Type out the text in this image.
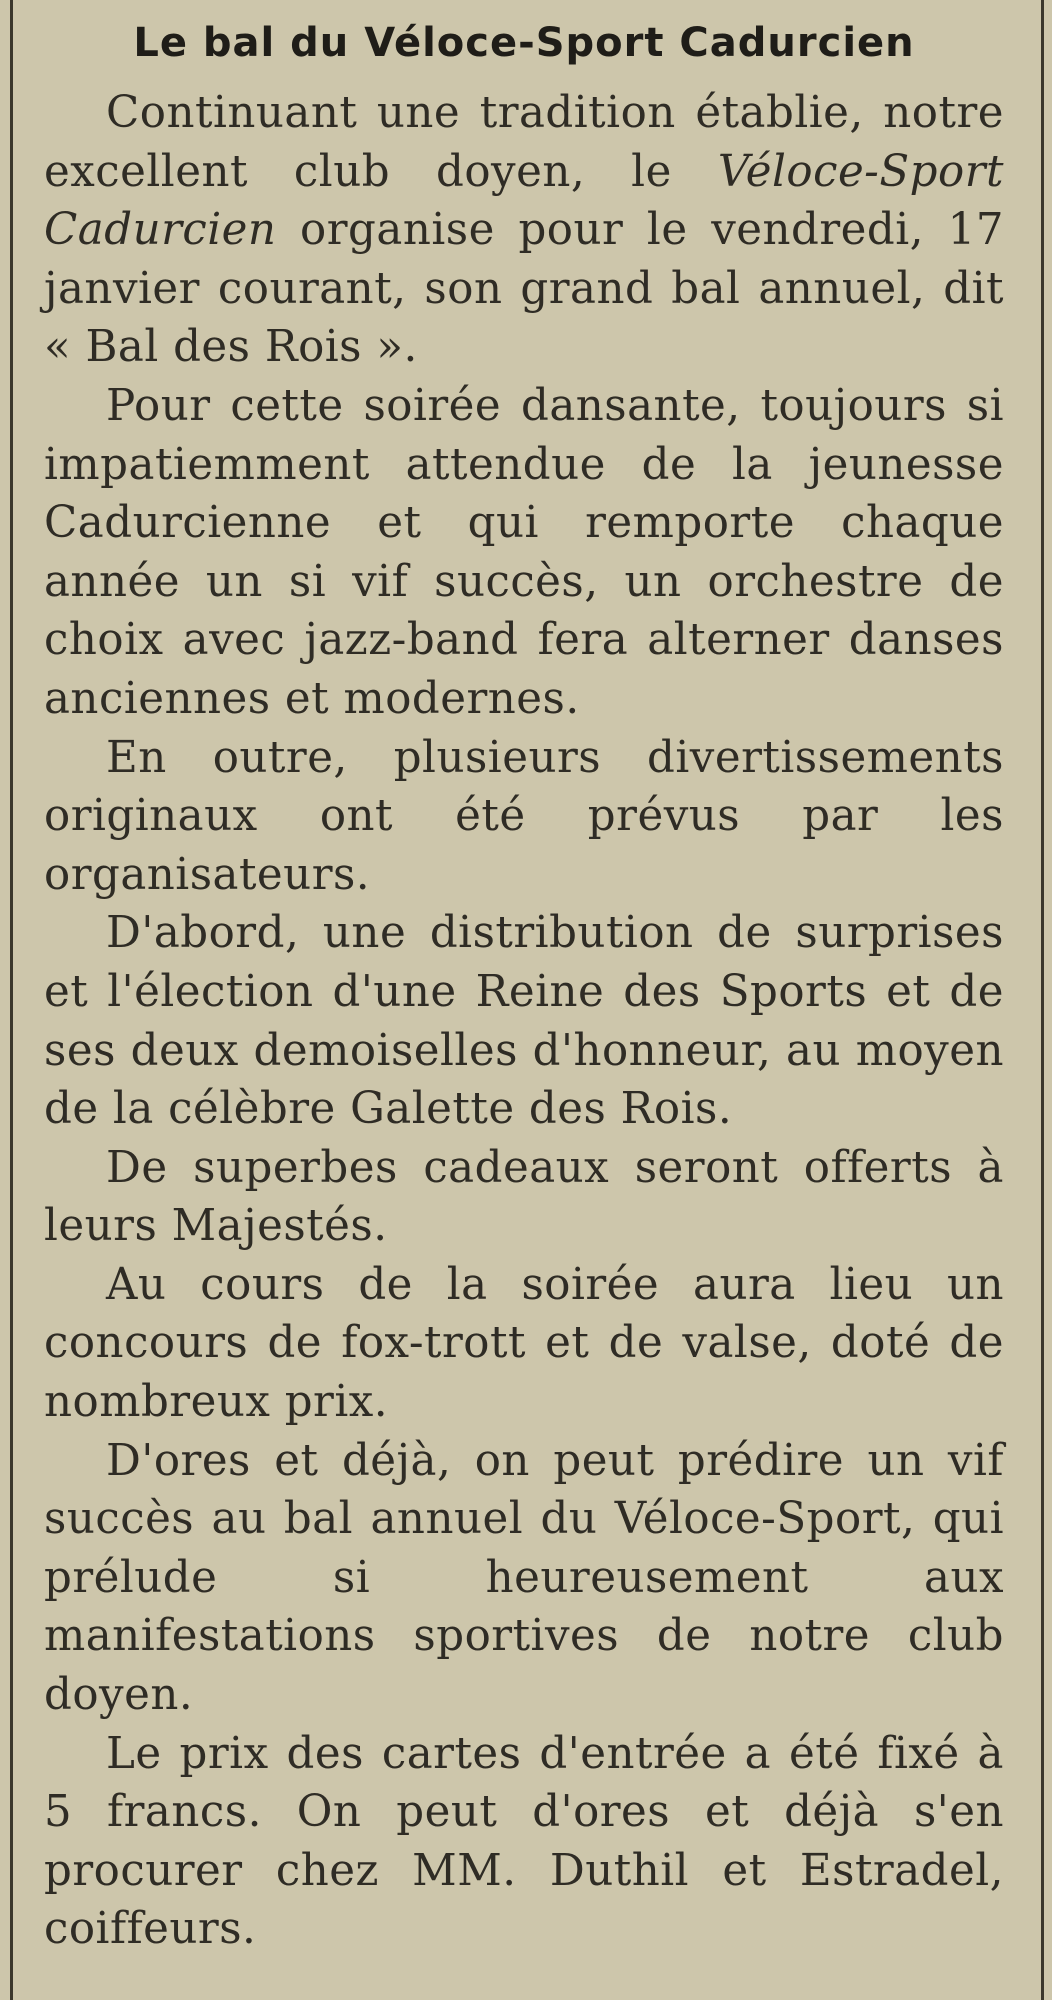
Le bal du Véloce-Sport Cadurcien

Continuant une tradition établie, notre excellent club doyen, le Véloce-Sport Cadurcien organise pour le vendredi, 17 janvier courant, son grand bal annuel, dit « Bal des Rois ».

Pour cette soirée dansante, toujours si impatiemment attendue de la jeunesse Cadurcienne et qui remporte chaque année un si vif succès, un orchestre de choix avec jazz-band fera alterner danses anciennes et modernes.

En outre, plusieurs divertissements originaux ont été prévus par les organisateurs.

D'abord, une distribution de surprises et l'élection d'une Reine des Sports et de ses deux demoiselles d'honneur, au moyen de la célèbre Galette des Rois.

De superbes cadeaux seront offerts à leurs Majestés.

Au cours de la soirée aura lieu un concours de fox-trott et de valse, doté de nombreux prix.

D'ores et déjà, on peut prédire un vif succès au bal annuel du Véloce-Sport, qui prélude si heureusement aux manifestations sportives de notre club doyen.

Le prix des cartes d'entrée a été fixé à 5 francs. On peut d'ores et déjà s'en procurer chez MM. Duthil et Estradel, coiffeurs.
